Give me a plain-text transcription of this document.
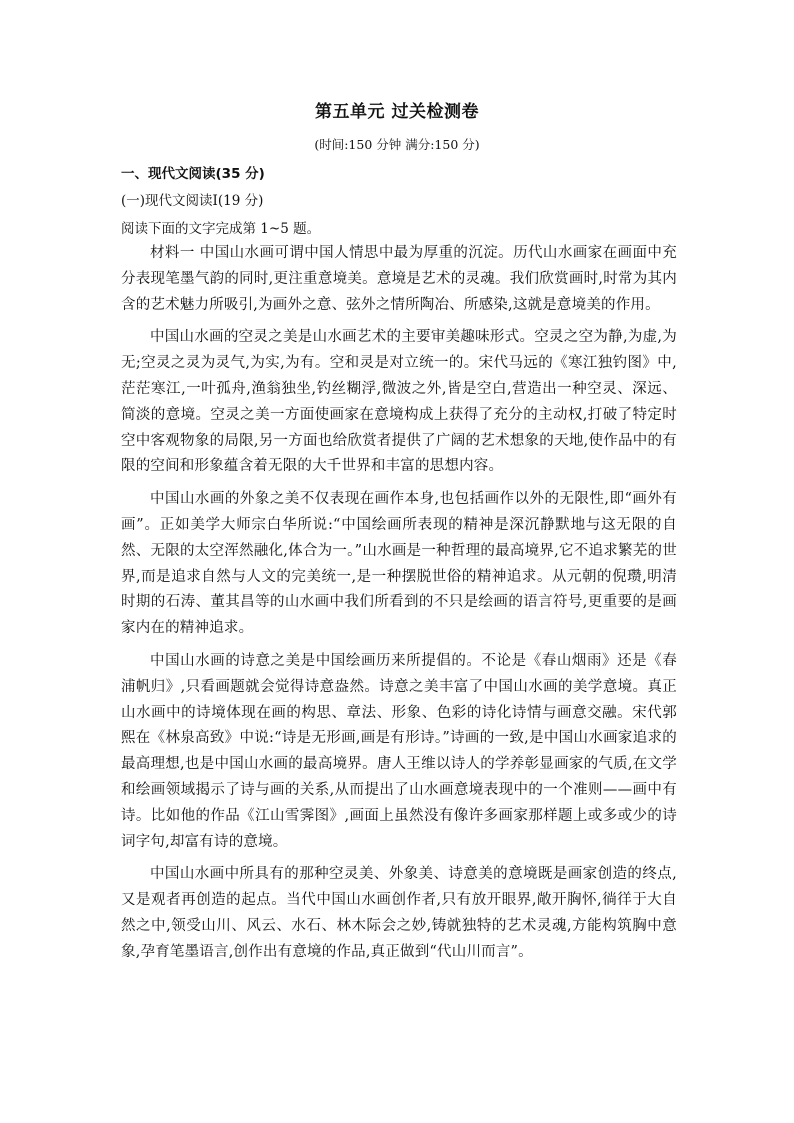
第五单元 过关检测卷
(时间:150 分钟 满分:150 分)
一、现代文阅读(35 分)
(一)现代文阅读Ⅰ(19 分)
阅读下面的文字完成第 1~5 题。

材料一 中国山水画可谓中国人情思中最为厚重的沉淀。历代山水画家在画面中充分表现笔墨气韵的同时,更注重意境美。意境是艺术的灵魂。我们欣赏画时,时常为其内含的艺术魅力所吸引,为画外之意、弦外之情所陶冶、所感染,这就是意境美的作用。

中国山水画的空灵之美是山水画艺术的主要审美趣味形式。空灵之空为静,为虚,为无;空灵之灵为灵气,为实,为有。空和灵是对立统一的。宋代马远的《寒江独钓图》中,茫茫寒江,一叶孤舟,渔翁独坐,钓丝糊浮,微波之外,皆是空白,营造出一种空灵、深远、简淡的意境。空灵之美一方面使画家在意境构成上获得了充分的主动权,打破了特定时空中客观物象的局限,另一方面也给欣赏者提供了广阔的艺术想象的天地,使作品中的有限的空间和形象蕴含着无限的大千世界和丰富的思想内容。

中国山水画的外象之美不仅表现在画作本身,也包括画作以外的无限性,即“画外有画”。正如美学大师宗白华所说:“中国绘画所表现的精神是深沉静默地与这无限的自然、无限的太空浑然融化,体合为一。”山水画是一种哲理的最高境界,它不追求繁芜的世界,而是追求自然与人文的完美统一,是一种摆脱世俗的精神追求。从元朝的倪瓒,明清时期的石涛、董其昌等的山水画中我们所看到的不只是绘画的语言符号,更重要的是画家内在的精神追求。

中国山水画的诗意之美是中国绘画历来所提倡的。不论是《春山烟雨》还是《春浦帆归》,只看画题就会觉得诗意盎然。诗意之美丰富了中国山水画的美学意境。真正山水画中的诗境体现在画的构思、章法、形象、色彩的诗化诗情与画意交融。宋代郭熙在《林泉高致》中说:“诗是无形画,画是有形诗。”诗画的一致,是中国山水画家追求的最高理想,也是中国山水画的最高境界。唐人王维以诗人的学养彰显画家的气质,在文学和绘画领域揭示了诗与画的关系,从而提出了山水画意境表现中的一个准则——画中有诗。比如他的作品《江山雪霁图》,画面上虽然没有像许多画家那样题上或多或少的诗词字句,却富有诗的意境。

中国山水画中所具有的那种空灵美、外象美、诗意美的意境既是画家创造的终点,又是观者再创造的起点。当代中国山水画创作者,只有放开眼界,敞开胸怀,徜徉于大自然之中,领受山川、风云、水石、林木际会之妙,铸就独特的艺术灵魂,方能构筑胸中意象,孕育笔墨语言,创作出有意境的作品,真正做到“代山川而言”。
